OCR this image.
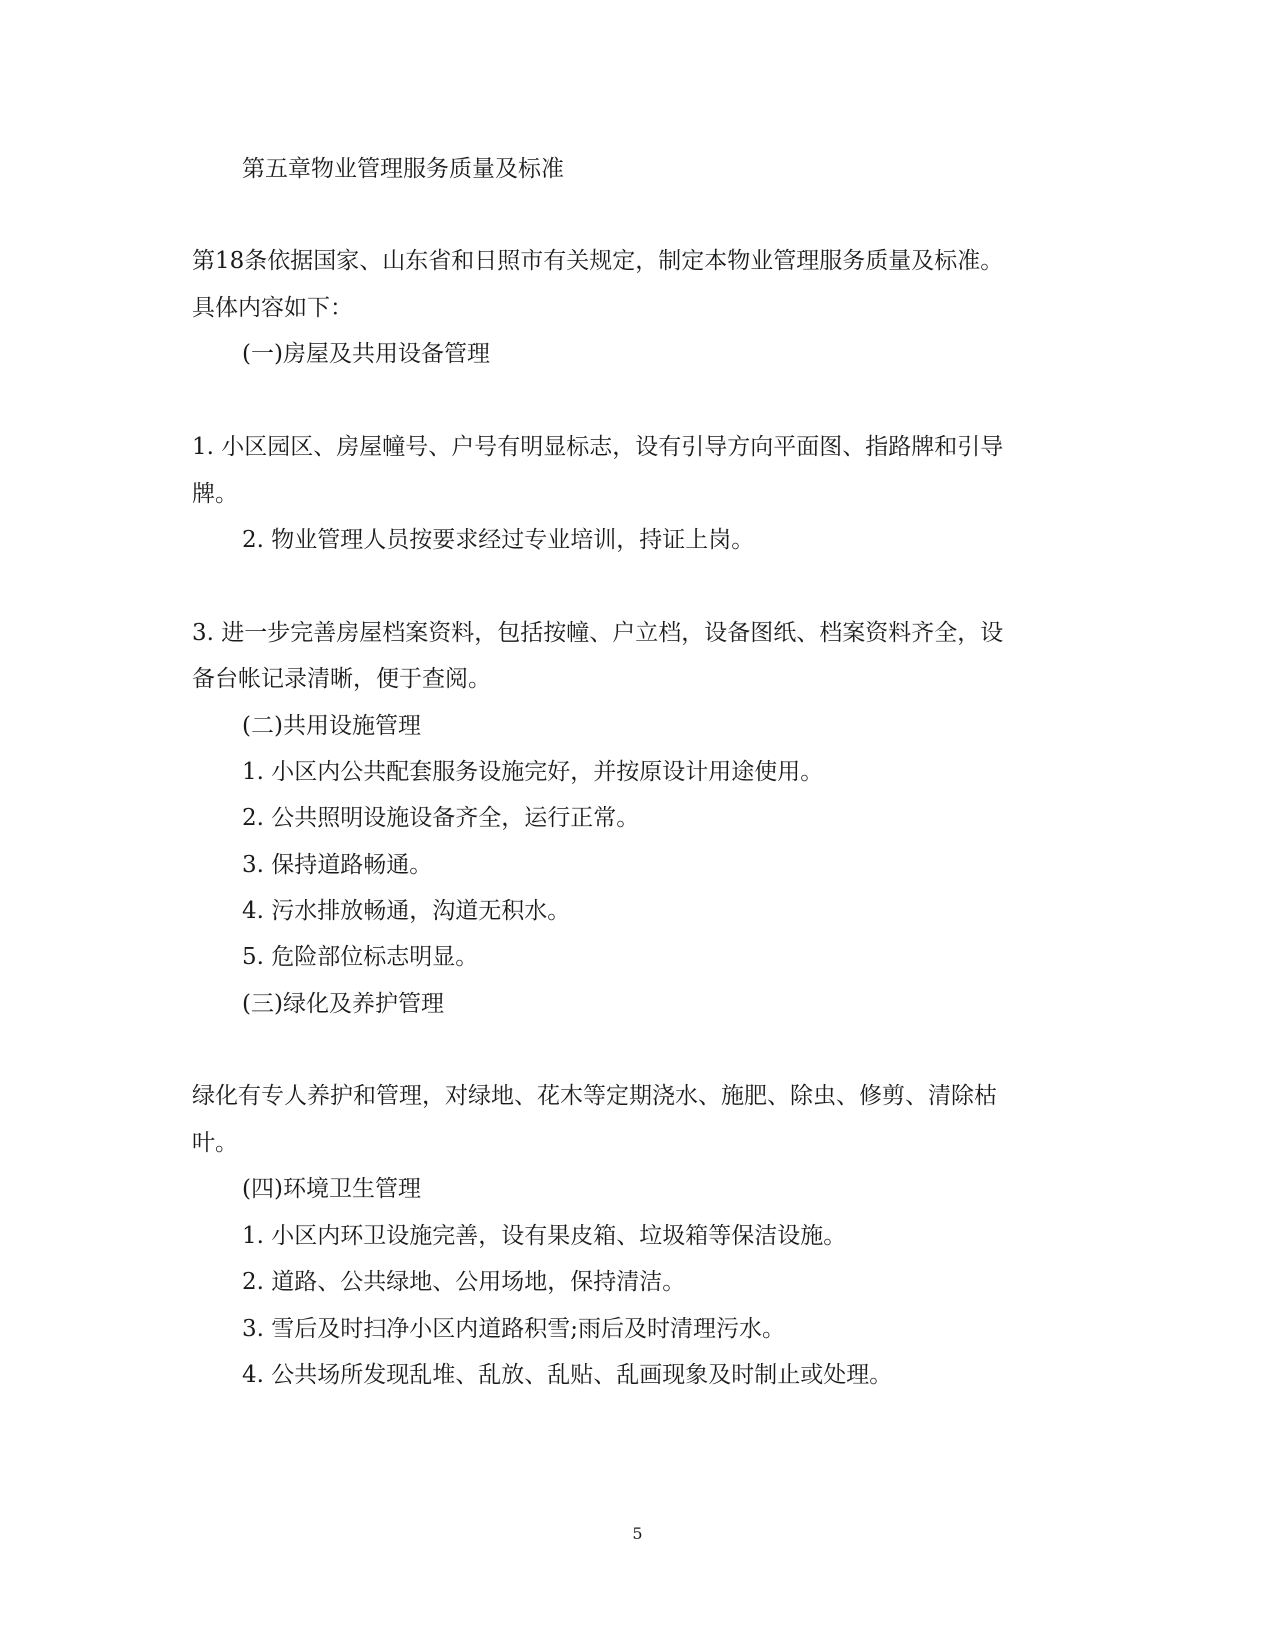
第五章物业管理服务质量及标准
第18条依据国家、山东省和日照市有关规定，制定本物业管理服务质量及标准。
具体内容如下：
(一)房屋及共用设备管理
1. 小区园区、房屋幢号、户号有明显标志，设有引导方向平面图、指路牌和引导
牌。
2. 物业管理人员按要求经过专业培训，持证上岗。
3. 进一步完善房屋档案资料，包括按幢、户立档，设备图纸、档案资料齐全，设
备台帐记录清晰，便于查阅。
(二)共用设施管理
1. 小区内公共配套服务设施完好，并按原设计用途使用。
2. 公共照明设施设备齐全，运行正常。
3. 保持道路畅通。
4. 污水排放畅通，沟道无积水。
5. 危险部位标志明显。
(三)绿化及养护管理
绿化有专人养护和管理，对绿地、花木等定期浇水、施肥、除虫、修剪、清除枯
叶。
(四)环境卫生管理
1. 小区内环卫设施完善，设有果皮箱、垃圾箱等保洁设施。
2. 道路、公共绿地、公用场地，保持清洁。
3. 雪后及时扫净小区内道路积雪;雨后及时清理污水。
4. 公共场所发现乱堆、乱放、乱贴、乱画现象及时制止或处理。
5
